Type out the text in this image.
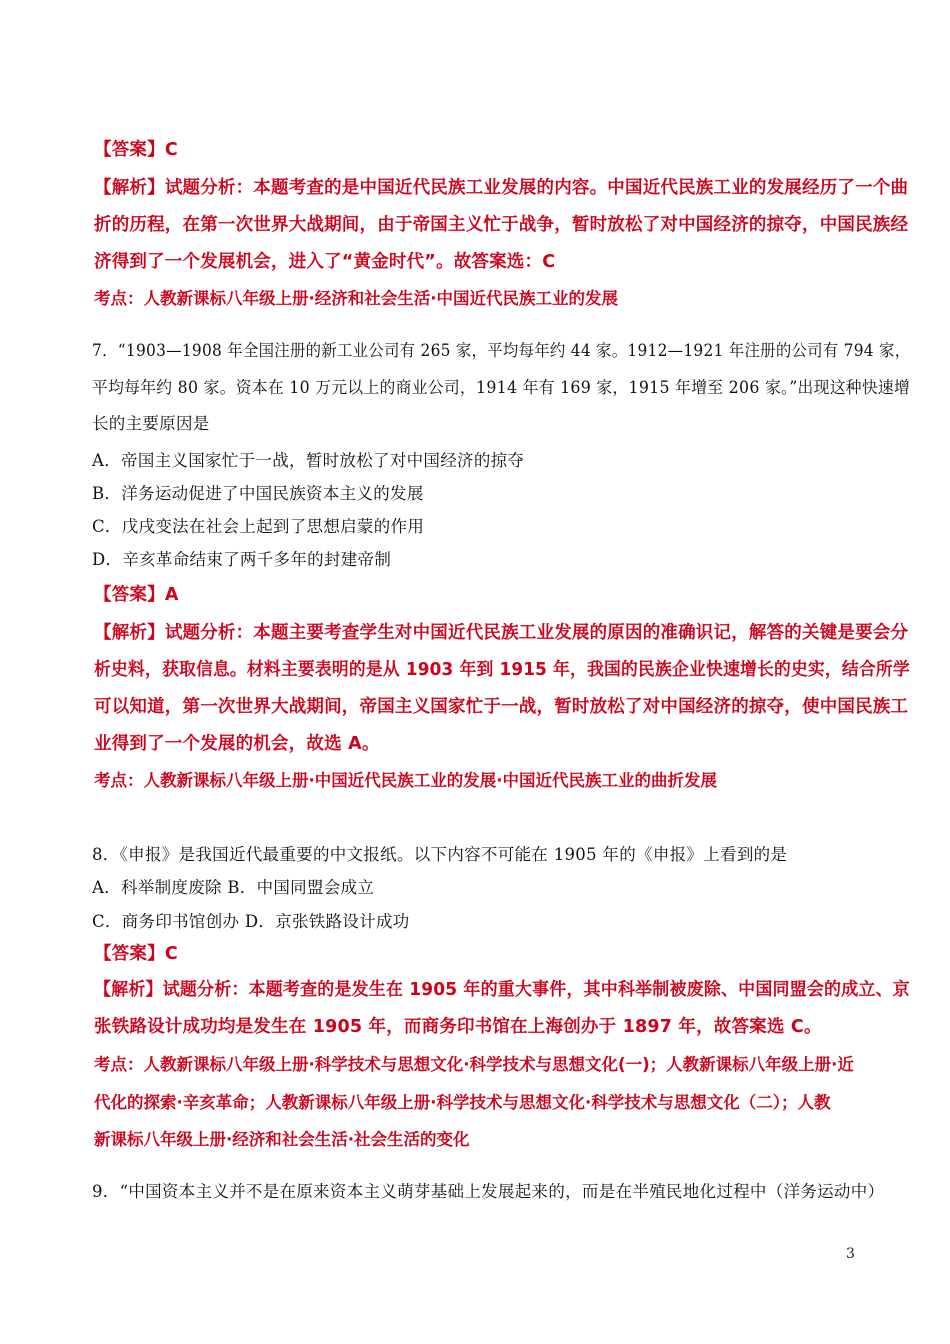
【答案】C
【解析】试题分析：本题考查的是中国近代民族工业发展的内容。中国近代民族工业的发展经历了一个曲
折的历程，在第一次世界大战期间，由于帝国主义忙于战争，暂时放松了对中国经济的掠夺，中国民族经
济得到了一个发展机会，进入了“黄金时代”。故答案选：C
考点：人教新课标八年级上册·经济和社会生活·中国近代民族工业的发展
7．“1903—1908 年全国注册的新工业公司有 265 家，平均每年约 44 家。1912—1921 年注册的公司有 794 家，
平均每年约 80 家。资本在 10 万元以上的商业公司，1914 年有 169 家，1915 年增至 206 家。”出现这种快速增
长的主要原因是
A．帝国主义国家忙于一战，暂时放松了对中国经济的掠夺
B．洋务运动促进了中国民族资本主义的发展
C．戊戌变法在社会上起到了思想启蒙的作用
D．辛亥革命结束了两千多年的封建帝制
【答案】A
【解析】试题分析：本题主要考查学生对中国近代民族工业发展的原因的准确识记，解答的关键是要会分
析史料，获取信息。材料主要表明的是从 1903 年到 1915 年，我国的民族企业快速增长的史实，结合所学
可以知道，第一次世界大战期间，帝国主义国家忙于一战，暂时放松了对中国经济的掠夺，使中国民族工
业得到了一个发展的机会，故选 A。
考点：人教新课标八年级上册·中国近代民族工业的发展·中国近代民族工业的曲折发展
8．《申报》是我国近代最重要的中文报纸。以下内容不可能在 1905 年的《申报》上看到的是
A．科举制度废除 B．中国同盟会成立
C．商务印书馆创办 D．京张铁路设计成功
【答案】C
【解析】试题分析：本题考查的是发生在 1905 年的重大事件，其中科举制被废除、中国同盟会的成立、京
张铁路设计成功均是发生在 1905 年，而商务印书馆在上海创办于 1897 年，故答案选 C。
考点：人教新课标八年级上册·科学技术与思想文化·科学技术与思想文化(一)；人教新课标八年级上册·近
代化的探索·辛亥革命；人教新课标八年级上册·科学技术与思想文化·科学技术与思想文化（二）；人教
新课标八年级上册·经济和社会生活·社会生活的变化
9．“中国资本主义并不是在原来资本主义萌芽基础上发展起来的，而是在半殖民地化过程中（洋务运动中）
3
